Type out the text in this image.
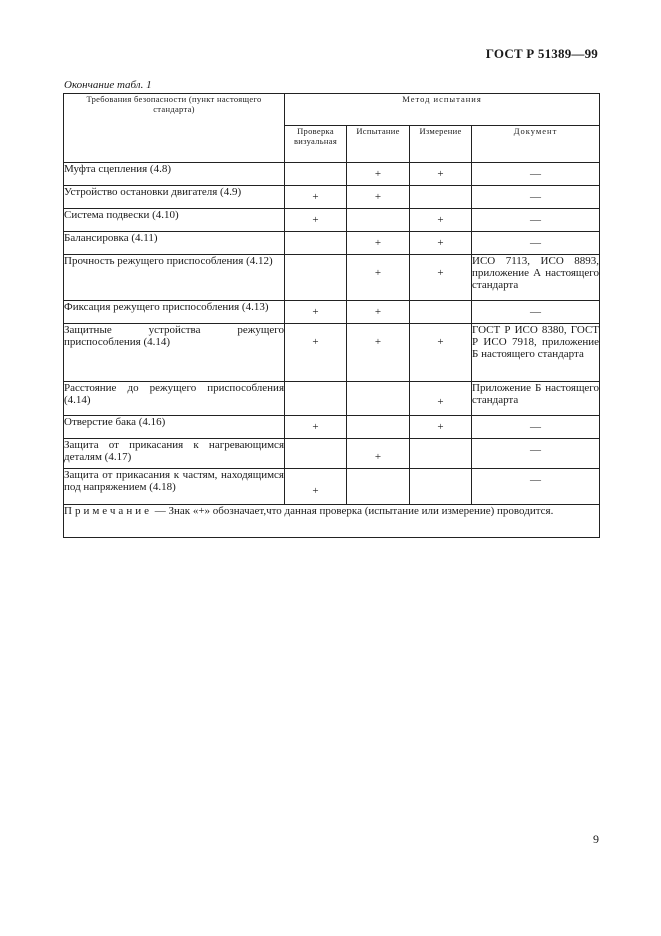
ГОСТ Р 51389—99
Окончание табл. 1
Требования безопасности (пункт настоящего стандарта)	Метод испытания			
	Проверка визуальная	Испытание	Измерение	Документ
Муфта сцепления (4.8)		+	+	—
Устройство остановки двигателя (4.9)	+	+		—
Система подвески (4.10)	+		+	—
Балансировка (4.11)		+	+	—
Прочность режущего приспособления (4.12)		+	+	ИСО 7113, ИСО 8893, приложение А настоящего стандарта
Фиксация режущего приспособления (4.13)	+	+		—
Защитные устройства режущего приспособления (4.14)	+	+	+	ГОСТ Р ИСО 8380, ГОСТ Р ИСО 7918, приложение Б настоящего стандарта
Расстояние до режущего приспособления (4.14)			+	Приложение Б настоящего стандарта
Отверстие бака (4.16)	+		+	—
Защита от прикасания к нагревающимся деталям (4.17)		+		—
Защита от прикасания к частям, находящимся под напряжением (4.18)	+			—
Примечание — Знак «+» обозначает,что данная проверка (испытание или измерение) проводится.				
9
